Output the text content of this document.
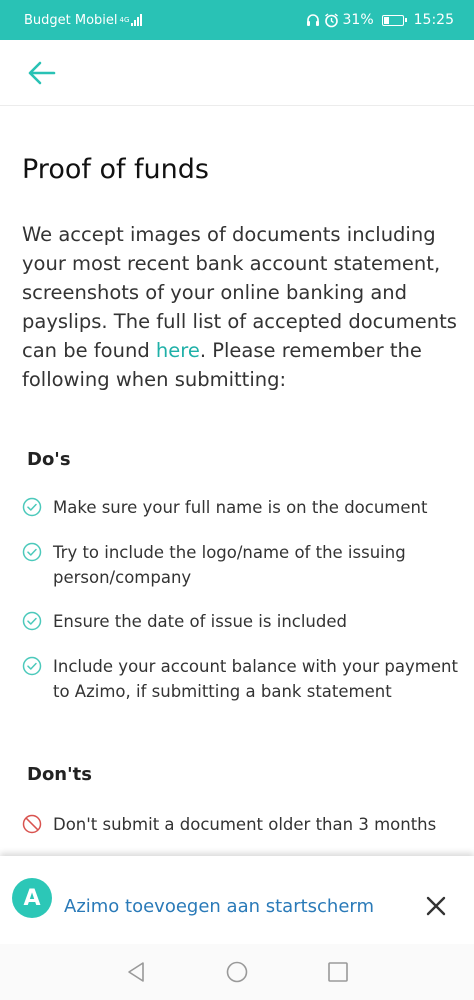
Budget Mobiel 4G	31%	15:25
Proof of funds

We accept images of documents including your most recent bank account statement, screenshots of your online banking and payslips. The full list of accepted documents can be found here. Please remember the following when submitting:

Do's
Make sure your full name is on the document
Try to include the logo/name of the issuing person/company
Ensure the date of issue is included
Include your account balance with your payment to Azimo, if submitting a bank statement
Don'ts
Don't submit a document older than 3 months
A	Azimo toevoegen aan startscherm
